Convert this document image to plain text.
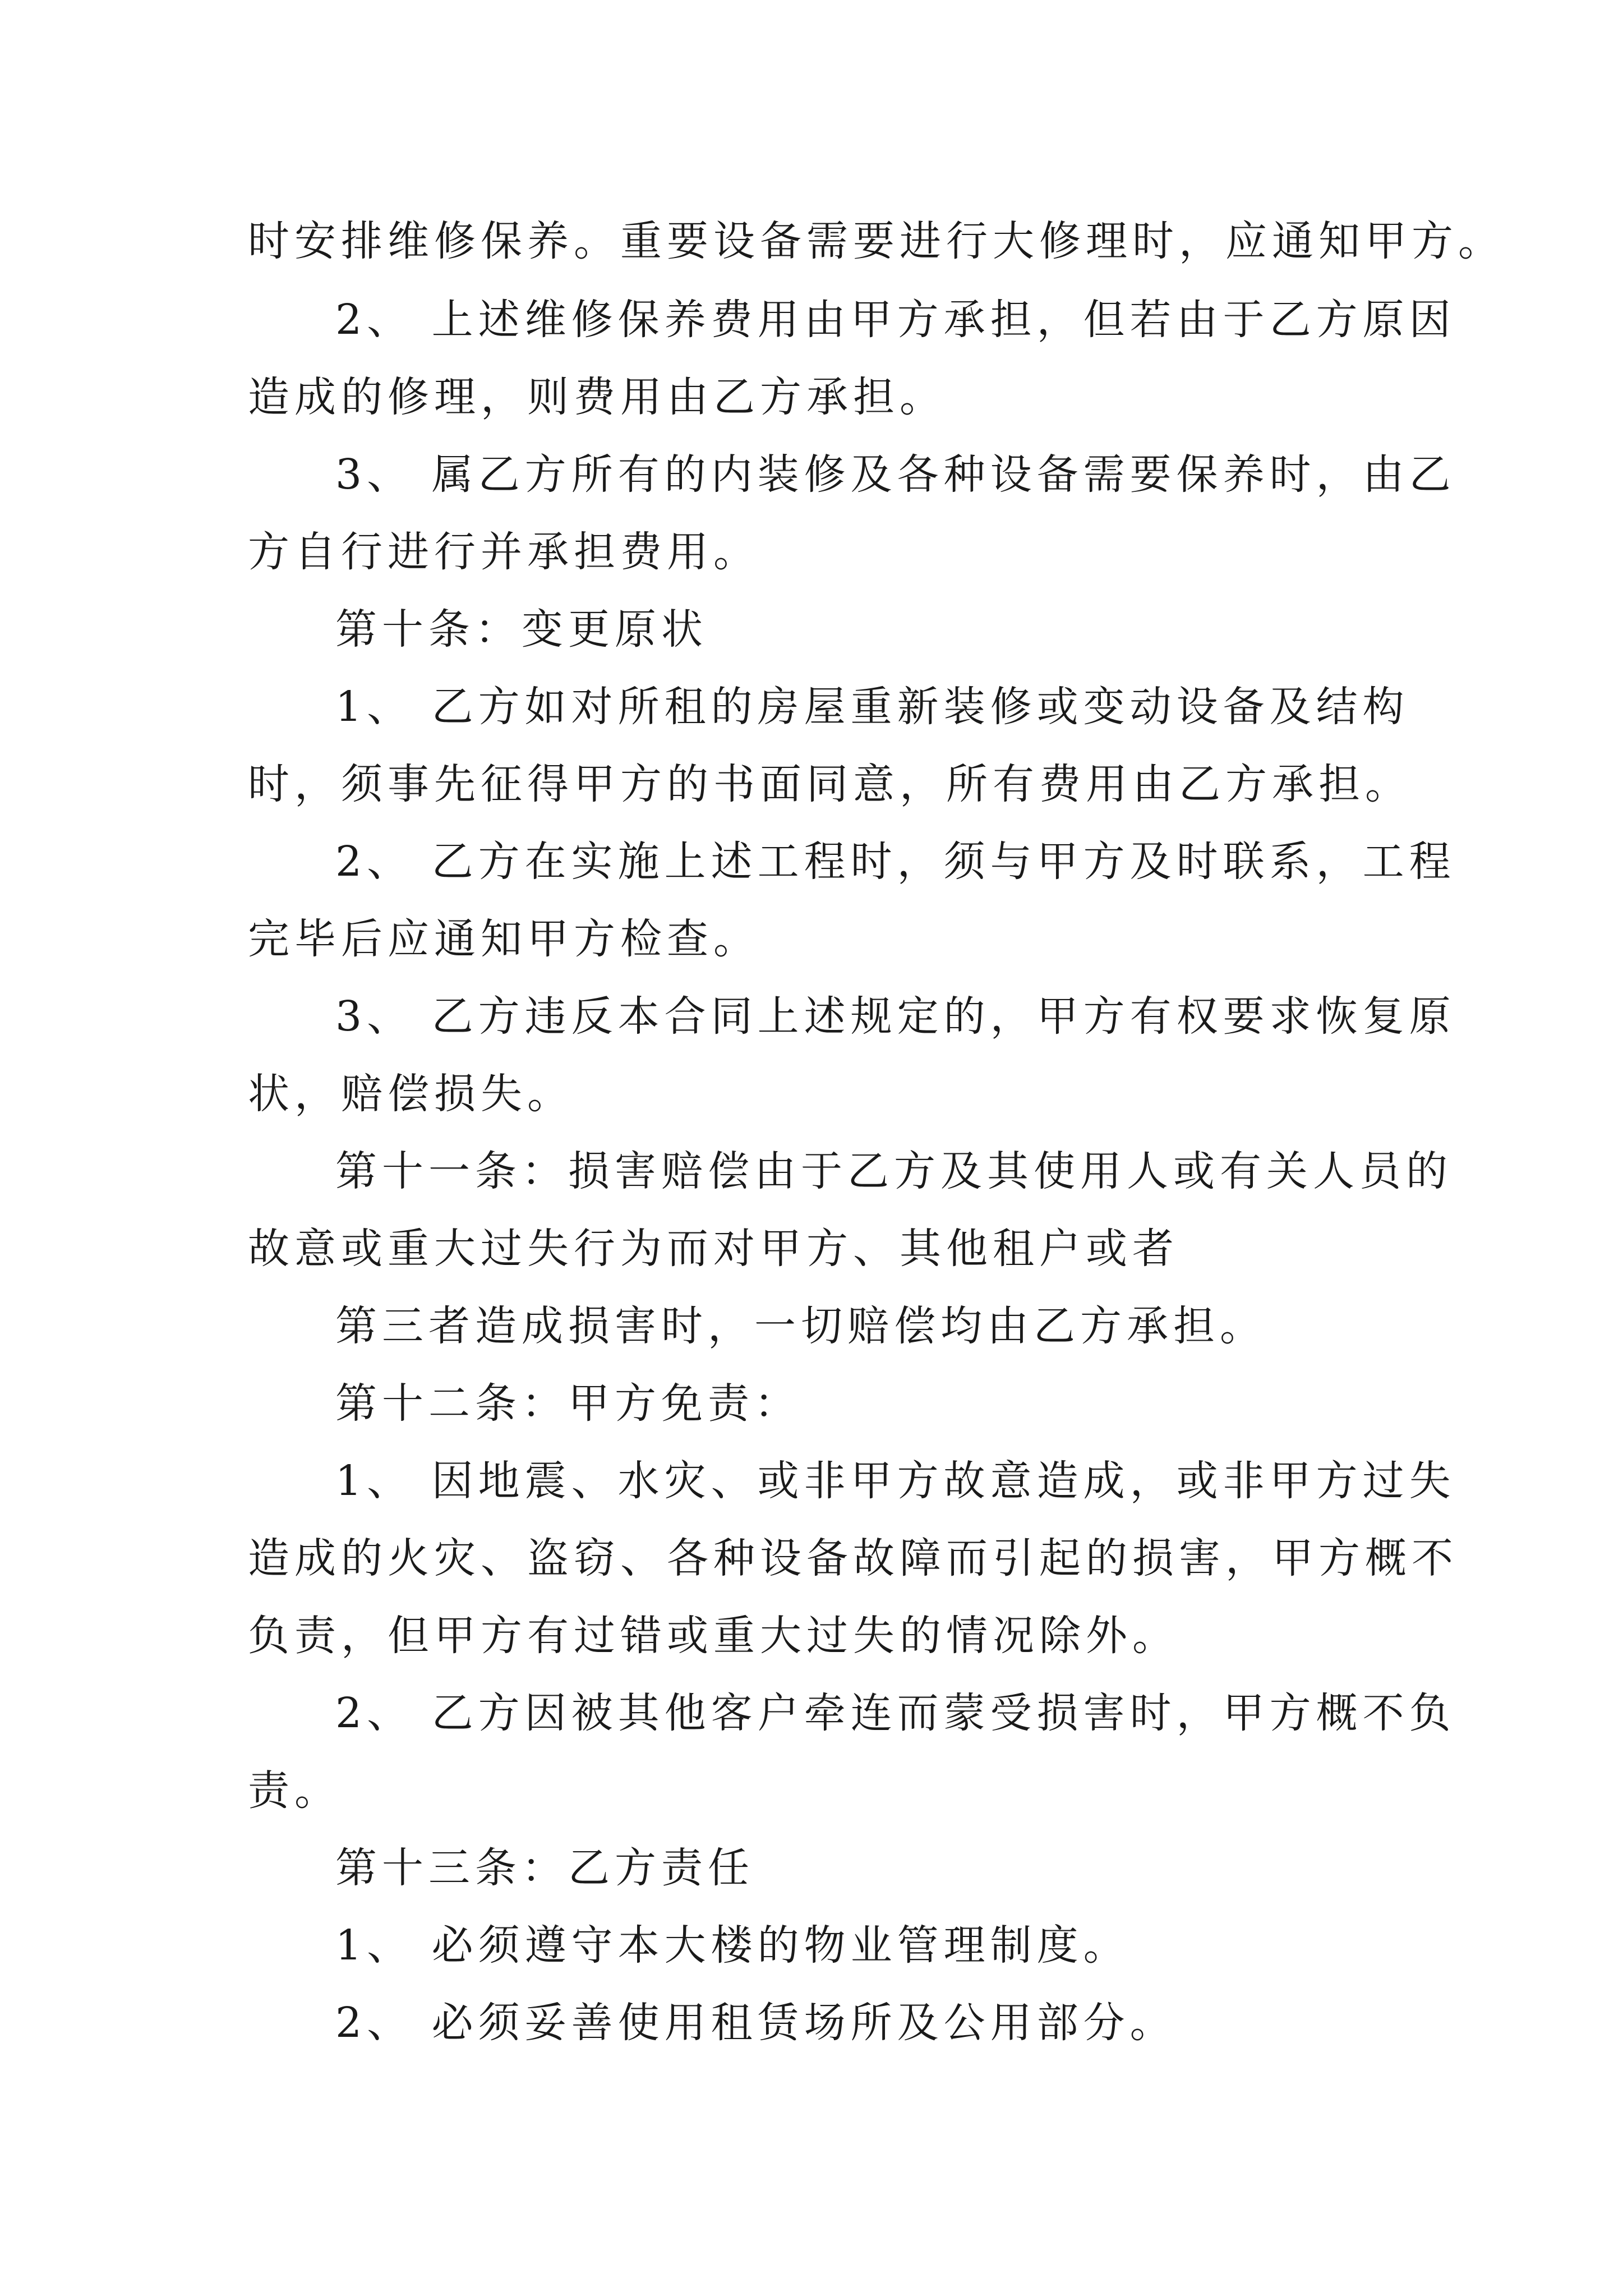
时安排维修保养。重要设备需要进行大修理时，应通知甲方。
2、 上述维修保养费用由甲方承担，但若由于乙方原因
造成的修理，则费用由乙方承担。
3、 属乙方所有的内装修及各种设备需要保养时，由乙
方自行进行并承担费用。
第十条：变更原状
1、 乙方如对所租的房屋重新装修或变动设备及结构
时，须事先征得甲方的书面同意，所有费用由乙方承担。
2、 乙方在实施上述工程时，须与甲方及时联系，工程
完毕后应通知甲方检查。
3、 乙方违反本合同上述规定的，甲方有权要求恢复原
状，赔偿损失。
第十一条：损害赔偿由于乙方及其使用人或有关人员的
故意或重大过失行为而对甲方、其他租户或者
第三者造成损害时，一切赔偿均由乙方承担。
第十二条：甲方免责：
1、 因地震、水灾、或非甲方故意造成，或非甲方过失
造成的火灾、盗窃、各种设备故障而引起的损害，甲方概不
负责，但甲方有过错或重大过失的情况除外。
2、 乙方因被其他客户牵连而蒙受损害时，甲方概不负
责。
第十三条：乙方责任
1、 必须遵守本大楼的物业管理制度。
2、 必须妥善使用租赁场所及公用部分。
